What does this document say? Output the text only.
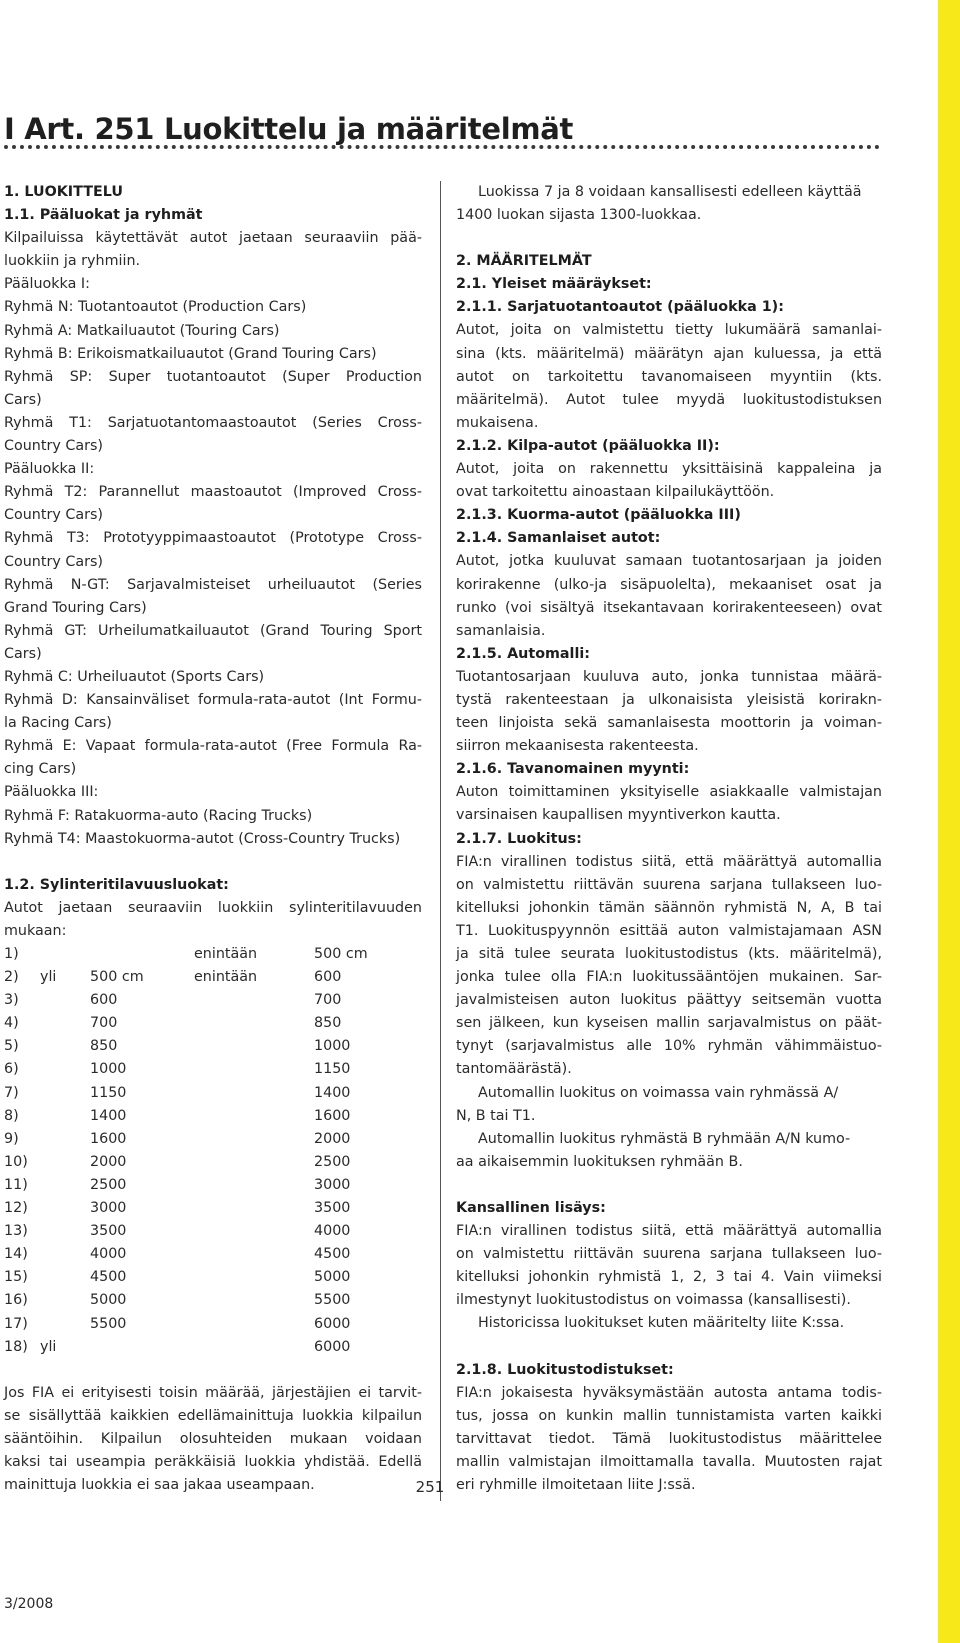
I Art. 251 Luokittelu ja määritelmät
1. LUOKITTELU
1.1. Pääluokat ja ryhmät
Kilpailuissa käytettävät autot jaetaan seuraaviin pää-
luokkiin ja ryhmiin.
Pääluokka I:
Ryhmä N: Tuotantoautot (Production Cars)
Ryhmä A: Matkailuautot (Touring Cars)
Ryhmä B: Erikoismatkailuautot (Grand Touring Cars)
Ryhmä SP: Super tuotantoautot (Super Production
Cars)
Ryhmä T1: Sarjatuotantomaastoautot (Series Cross-
Country Cars)
Pääluokka II:
Ryhmä T2: Parannellut maastoautot (Improved Cross-
Country Cars)
Ryhmä T3: Prototyyppimaastoautot (Prototype Cross-
Country Cars)
Ryhmä N-GT: Sarjavalmisteiset urheiluautot (Series
Grand Touring Cars)
Ryhmä GT: Urheilumatkailuautot (Grand Touring Sport
Cars)
Ryhmä C: Urheiluautot (Sports Cars)
Ryhmä D: Kansainväliset formula-rata-autot (Int Formu-
la Racing Cars)
Ryhmä E: Vapaat formula-rata-autot (Free Formula Ra-
cing Cars)
Pääluokka III:
Ryhmä F: Ratakuorma-auto (Racing Trucks)
Ryhmä T4: Maastokuorma-autot (Cross-Country Trucks)
1.2. Sylinteritilavuusluokat:
Autot jaetaan seuraaviin luokkiin sylinteritilavuuden
mukaan:
1)			enintään	500 cm
2)	yli	500 cm	enintään	600
3)		600		700
4)		700		850
5)		850		1000
6)		1000		1150
7)		1150		1400
8)		1400		1600
9)		1600		2000
10)		2000		2500
11)		2500		3000
12)		3000		3500
13)		3500		4000
14)		4000		4500
15)		4500		5000
16)		5000		5500
17)		5500		6000
18)	yli			6000
Jos FIA ei erityisesti toisin määrää, järjestäjien ei tarvit-
se sisällyttää kaikkien edellämainittuja luokkia kilpailun
sääntöihin. Kilpailun olosuhteiden mukaan voidaan
kaksi tai useampia peräkkäisiä luokkia yhdistää. Edellä
mainittuja luokkia ei saa jakaa useampaan.
Luokissa 7 ja 8 voidaan kansallisesti edelleen käyttää
1400 luokan sijasta 1300-luokkaa.
2. MÄÄRITELMÄT
2.1. Yleiset määräykset:
2.1.1. Sarjatuotantoautot (pääluokka 1):
Autot, joita on valmistettu tietty lukumäärä samanlai-
sina (kts. määritelmä) määrätyn ajan kuluessa, ja että
autot on tarkoitettu tavanomaiseen myyntiin (kts.
määritelmä). Autot tulee myydä luokitustodistuksen
mukaisena.
2.1.2. Kilpa-autot (pääluokka II):
Autot, joita on rakennettu yksittäisinä kappaleina ja
ovat tarkoitettu ainoastaan kilpailukäyttöön.
2.1.3. Kuorma-autot (pääluokka III)
2.1.4. Samanlaiset autot:
Autot, jotka kuuluvat samaan tuotantosarjaan ja joiden
korirakenne (ulko-ja sisäpuolelta), mekaaniset osat ja
runko (voi sisältyä itsekantavaan korirakenteeseen) ovat
samanlaisia.
2.1.5. Automalli:
Tuotantosarjaan kuuluva auto, jonka tunnistaa määrä-
tystä rakenteestaan ja ulkonaisista yleisistä korirakn-
teen linjoista sekä samanlaisesta moottorin ja voiman-
siirron mekaanisesta rakenteesta.
2.1.6. Tavanomainen myynti:
Auton toimittaminen yksityiselle asiakkaalle valmistajan
varsinaisen kaupallisen myyntiverkon kautta.
2.1.7. Luokitus:
FIA:n virallinen todistus siitä, että määrättyä automallia
on valmistettu riittävän suurena sarjana tullakseen luo-
kitelluksi johonkin tämän säännön ryhmistä N, A, B tai
T1. Luokituspyynnön esittää auton valmistajamaan ASN
ja sitä tulee seurata luokitustodistus (kts. määritelmä),
jonka tulee olla FIA:n luokitussääntöjen mukainen. Sar-
javalmisteisen auton luokitus päättyy seitsemän vuotta
sen jälkeen, kun kyseisen mallin sarjavalmistus on päät-
tynyt (sarjavalmistus alle 10% ryhmän vähimmäistuo-
tantomäärästä).
Automallin luokitus on voimassa vain ryhmässä A/
N, B tai T1.
Automallin luokitus ryhmästä B ryhmään A/N kumo-
aa aikaisemmin luokituksen ryhmään B.
Kansallinen lisäys:
FIA:n virallinen todistus siitä, että määrättyä automallia
on valmistettu riittävän suurena sarjana tullakseen luo-
kitelluksi johonkin ryhmistä 1, 2, 3 tai 4. Vain viimeksi
ilmestynyt luokitustodistus on voimassa (kansallisesti).
Historicissa luokitukset kuten määritelty liite K:ssa.
2.1.8. Luokitustodistukset:
FIA:n jokaisesta hyväksymästään autosta antama todis-
tus, jossa on kunkin mallin tunnistamista varten kaikki
tarvittavat tiedot. Tämä luokitustodistus määrittelee
mallin valmistajan ilmoittamalla tavalla. Muutosten rajat
eri ryhmille ilmoitetaan liite J:ssä.
251
3/2008
